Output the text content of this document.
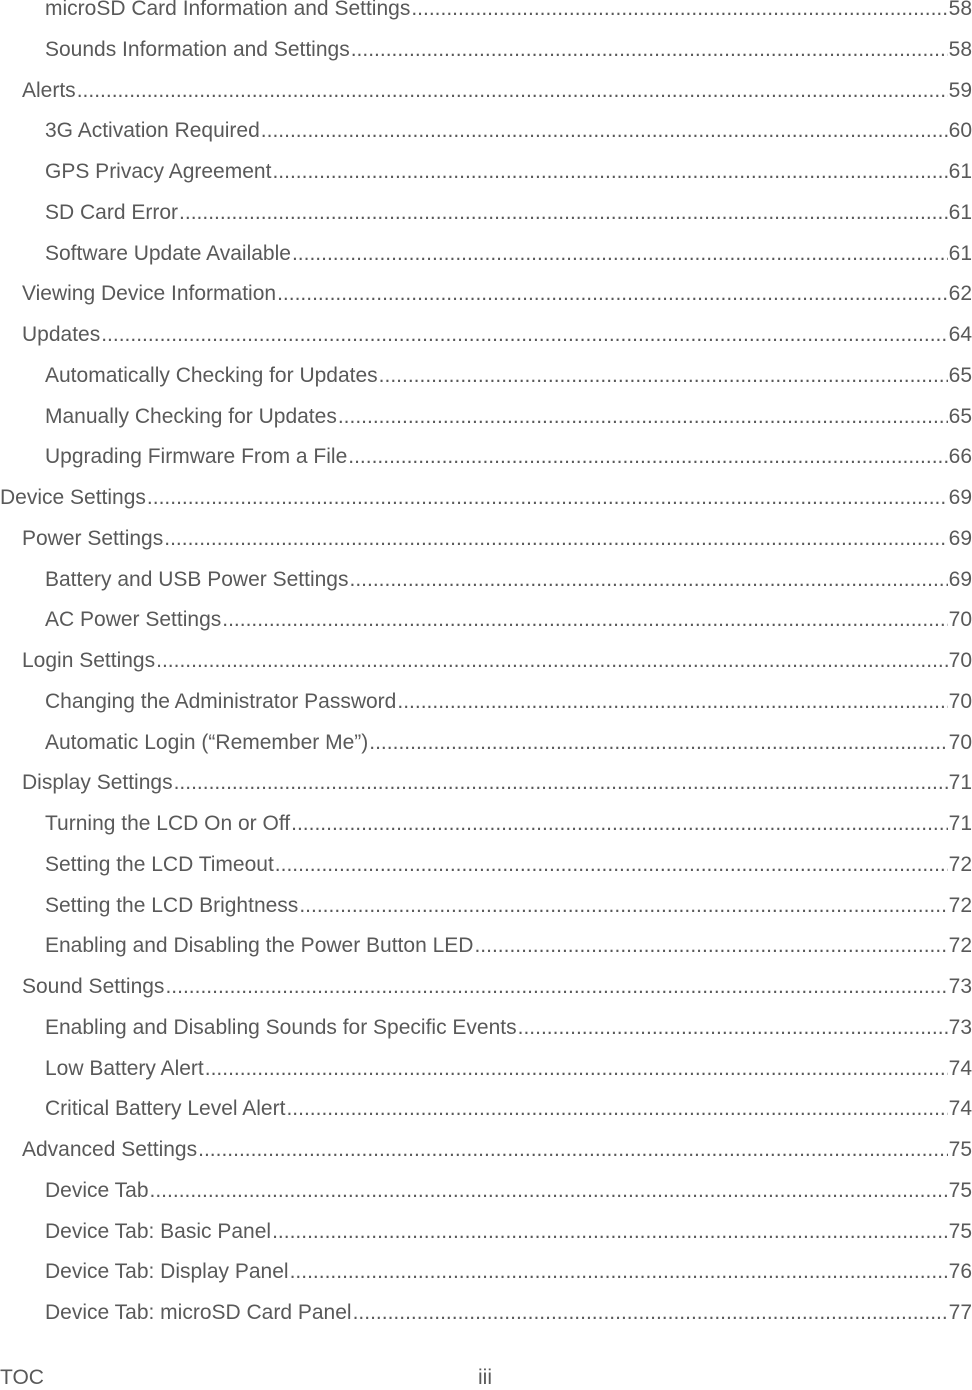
microSD Card Information and Settings .....	58
Sounds Information and Settings .....	58
Alerts .....	59
3G Activation Required .....	60
GPS Privacy Agreement .....	61
SD Card Error .....	61
Software Update Available .....	61
Viewing Device Information .....	62
Updates .....	64
Automatically Checking for Updates .....	65
Manually Checking for Updates .....	65
Upgrading Firmware From a File .....	66
Device Settings .....	69
Power Settings .....	69
Battery and USB Power Settings .....	69
AC Power Settings .....	70
Login Settings .....	70
Changing the Administrator Password .....	70
Automatic Login (“Remember Me”) .....	70
Display Settings .....	71
Turning the LCD On or Off .....	71
Setting the LCD Timeout .....	72
Setting the LCD Brightness .....	72
Enabling and Disabling the Power Button LED .....	72
Sound Settings .....	73
Enabling and Disabling Sounds for Specific Events .....	73
Low Battery Alert .....	74
Critical Battery Level Alert .....	74
Advanced Settings .....	75
Device Tab .....	75
Device Tab: Basic Panel .....	75
Device Tab: Display Panel .....	76
Device Tab: microSD Card Panel .....	77
TOC	iii
